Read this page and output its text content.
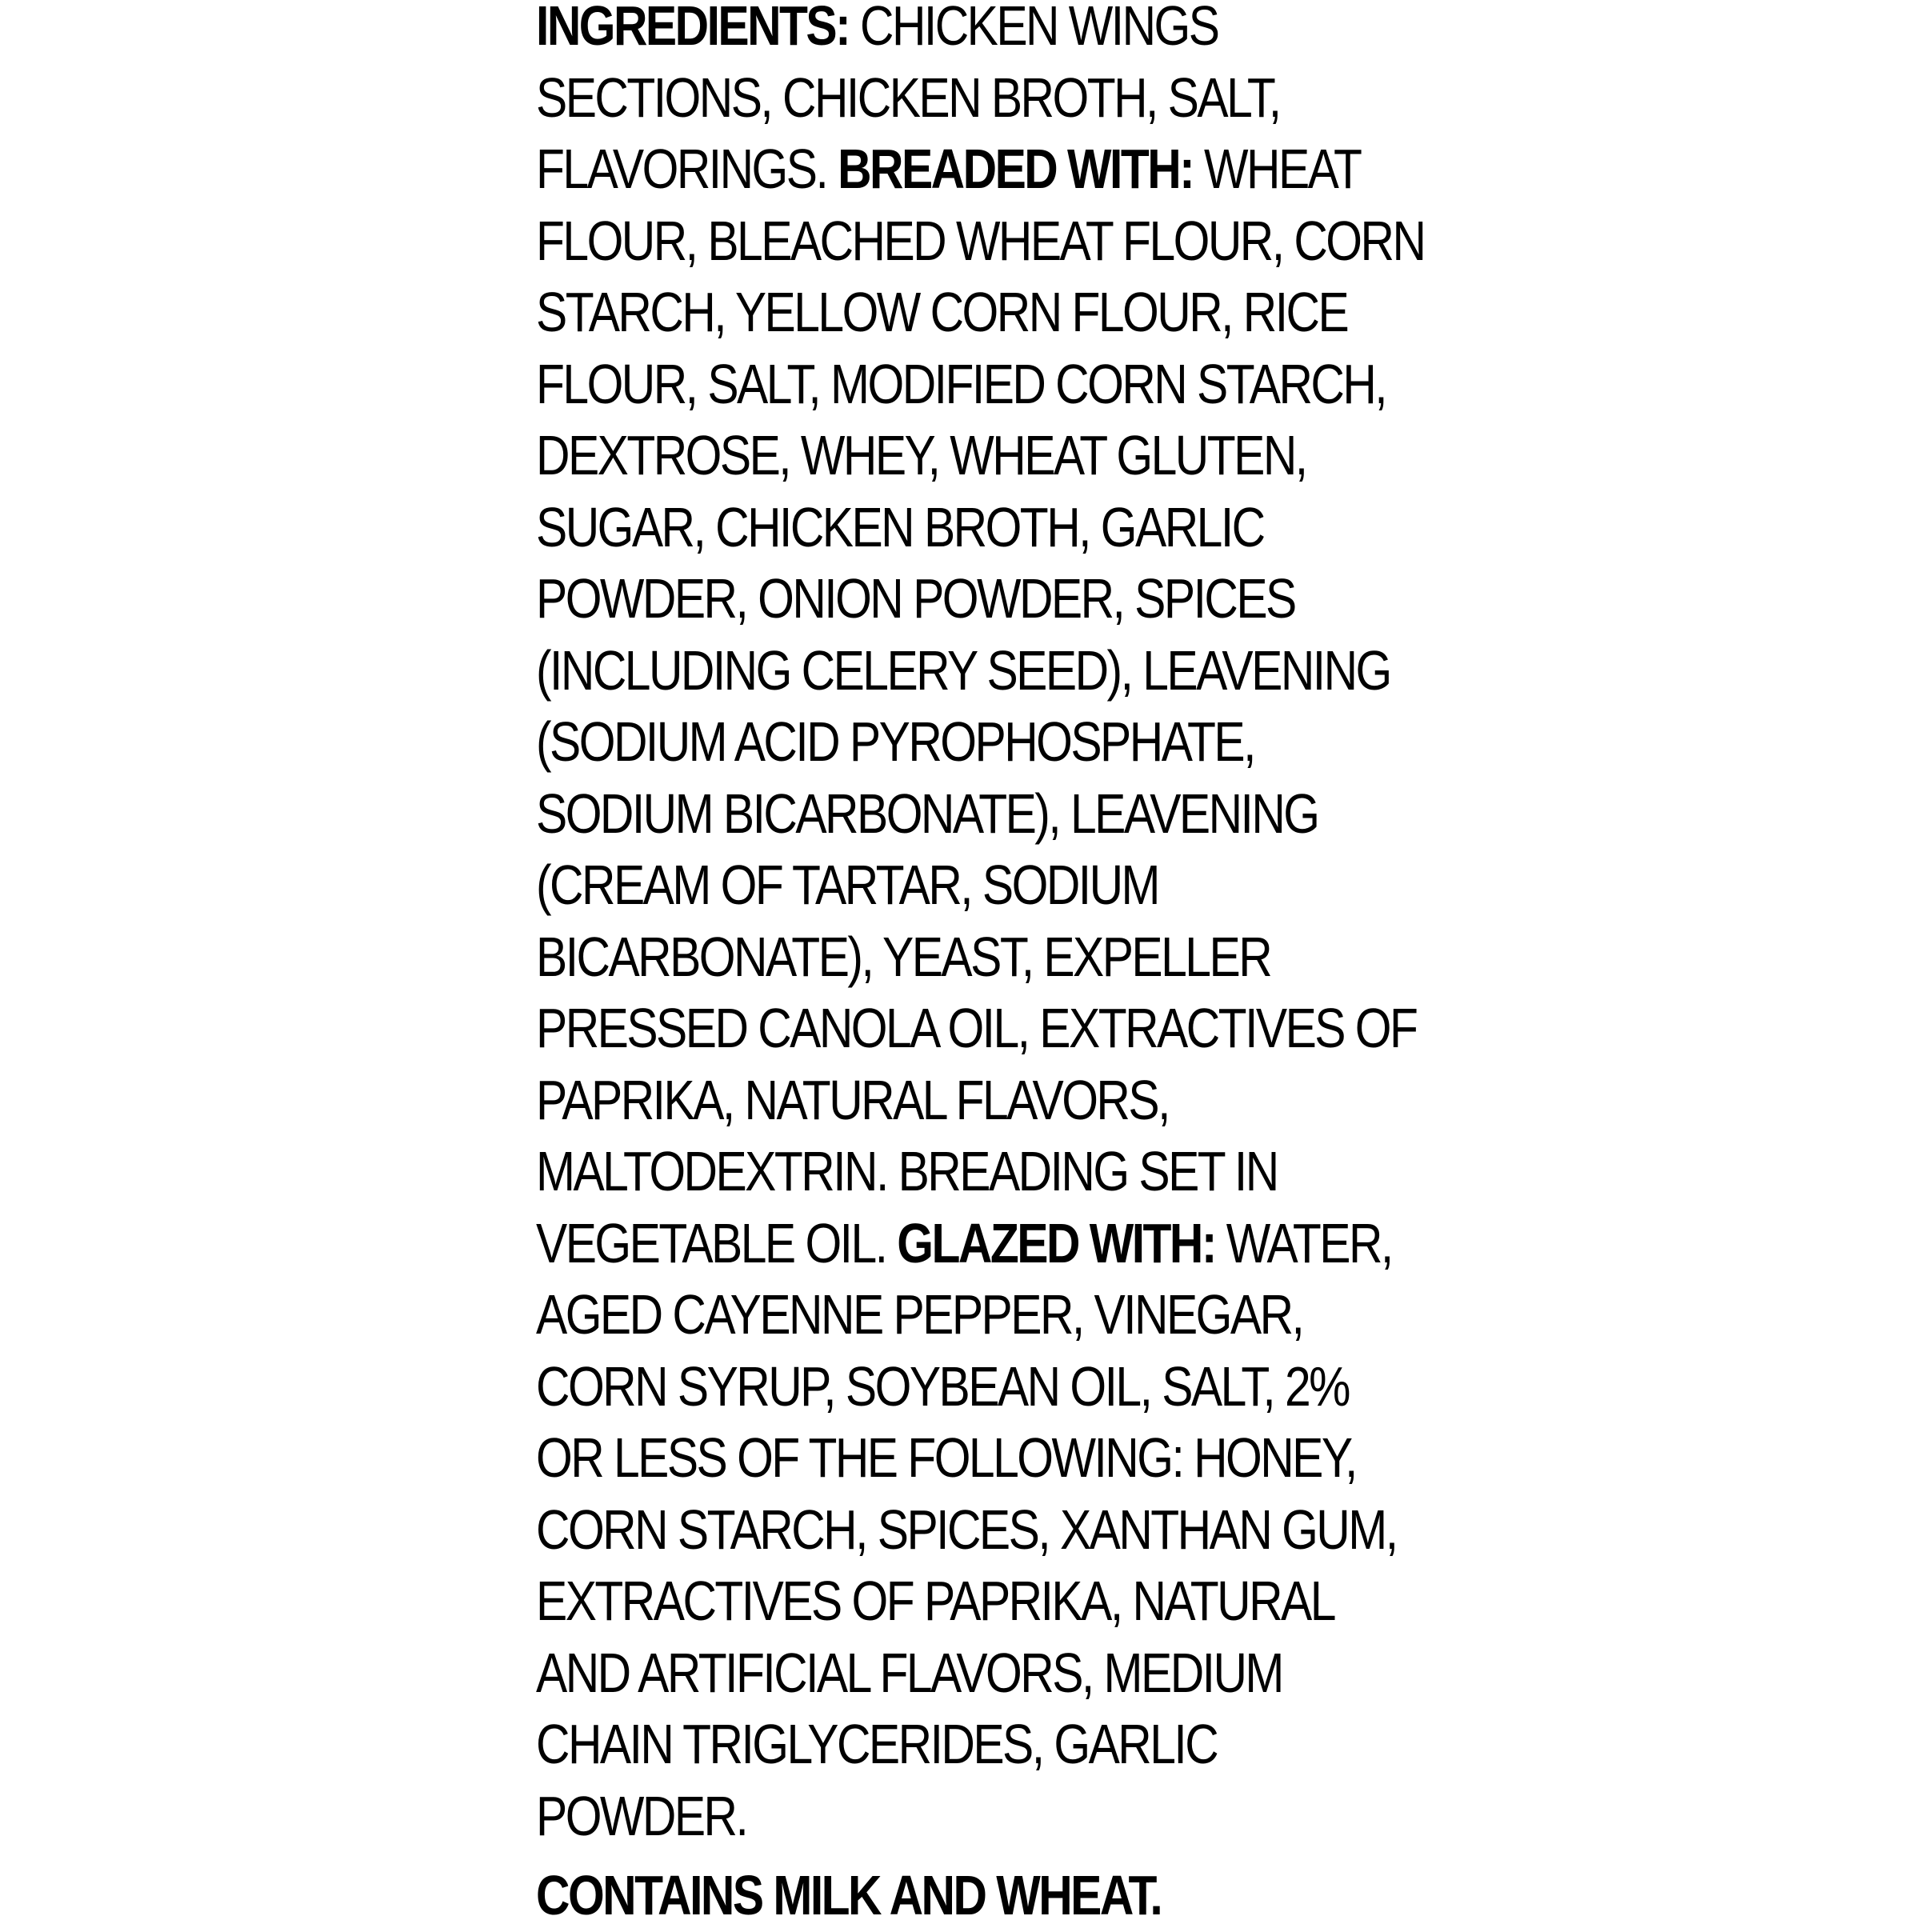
INGREDIENTS: CHICKEN WINGS
SECTIONS, CHICKEN BROTH, SALT,
FLAVORINGS. BREADED WITH: WHEAT
FLOUR, BLEACHED WHEAT FLOUR, CORN
STARCH, YELLOW CORN FLOUR, RICE
FLOUR, SALT, MODIFIED CORN STARCH,
DEXTROSE, WHEY, WHEAT GLUTEN,
SUGAR, CHICKEN BROTH, GARLIC
POWDER, ONION POWDER, SPICES
(INCLUDING CELERY SEED), LEAVENING
(SODIUM ACID PYROPHOSPHATE,
SODIUM BICARBONATE), LEAVENING
(CREAM OF TARTAR, SODIUM
BICARBONATE), YEAST, EXPELLER
PRESSED CANOLA OIL, EXTRACTIVES OF
PAPRIKA, NATURAL FLAVORS,
MALTODEXTRIN. BREADING SET IN
VEGETABLE OIL. GLAZED WITH: WATER,
AGED CAYENNE PEPPER, VINEGAR,
CORN SYRUP, SOYBEAN OIL, SALT, 2%
OR LESS OF THE FOLLOWING: HONEY,
CORN STARCH, SPICES, XANTHAN GUM,
EXTRACTIVES OF PAPRIKA, NATURAL
AND ARTIFICIAL FLAVORS, MEDIUM
CHAIN TRIGLYCERIDES, GARLIC
POWDER.

CONTAINS MILK AND WHEAT.
